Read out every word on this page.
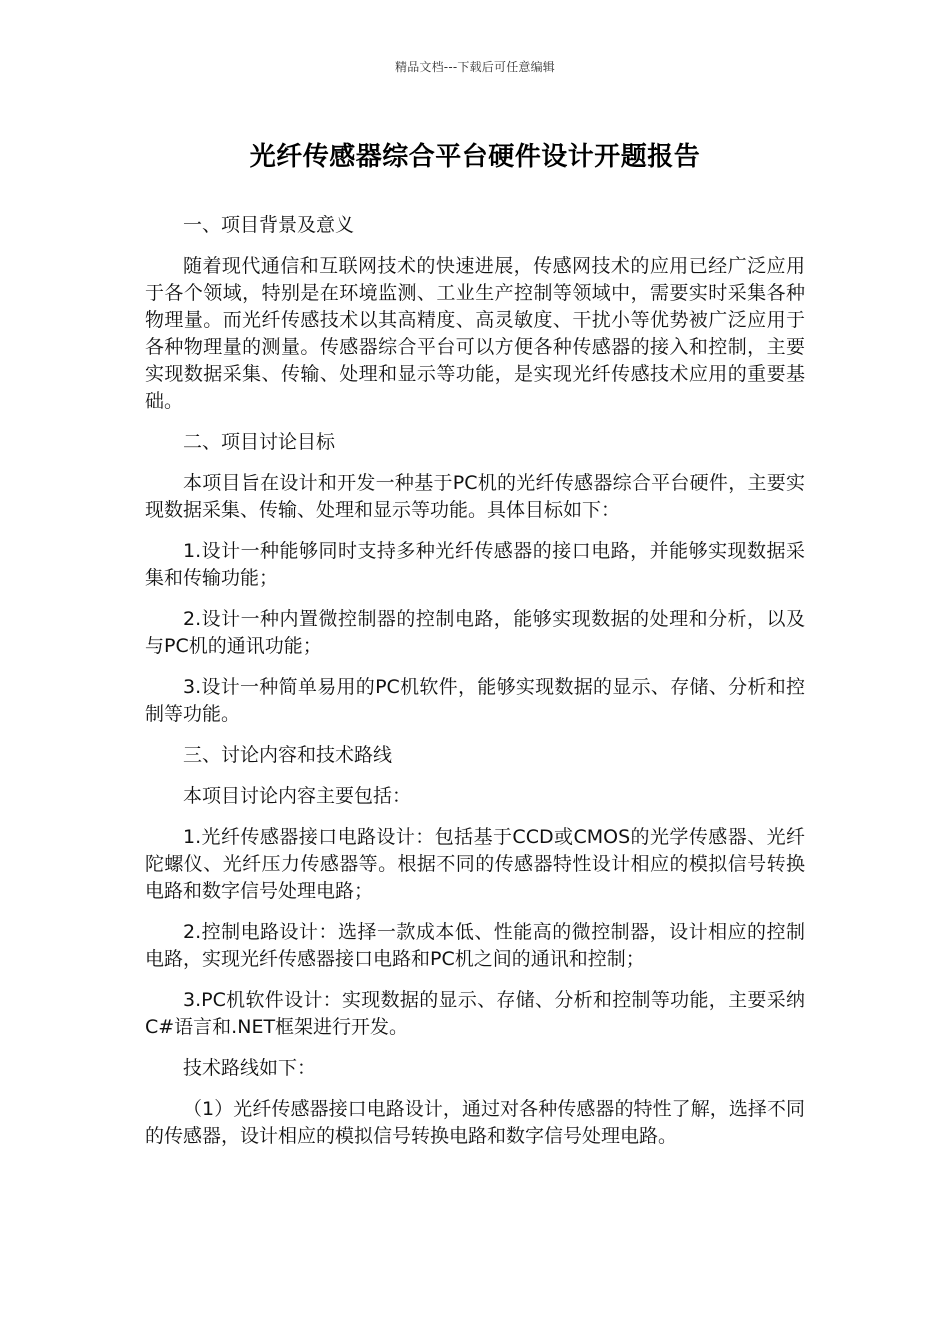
精品文档---下载后可任意编辑
光纤传感器综合平台硬件设计开题报告

一、项目背景及意义

随着现代通信和互联网技术的快速进展，传感网技术的应用已经广泛应用于各个领域，特别是在环境监测、工业生产控制等领域中，需要实时采集各种物理量。而光纤传感技术以其高精度、高灵敏度、干扰小等优势被广泛应用于各种物理量的测量。传感器综合平台可以方便各种传感器的接入和控制，主要实现数据采集、传输、处理和显示等功能，是实现光纤传感技术应用的重要基础。

二、项目讨论目标

本项目旨在设计和开发一种基于PC机的光纤传感器综合平台硬件，主要实现数据采集、传输、处理和显示等功能。具体目标如下：

1.设计一种能够同时支持多种光纤传感器的接口电路，并能够实现数据采集和传输功能；

2.设计一种内置微控制器的控制电路，能够实现数据的处理和分析，以及与PC机的通讯功能；

3.设计一种简单易用的PC机软件，能够实现数据的显示、存储、分析和控制等功能。

三、讨论内容和技术路线

本项目讨论内容主要包括：

1.光纤传感器接口电路设计：包括基于CCD或CMOS的光学传感器、光纤陀螺仪、光纤压力传感器等。根据不同的传感器特性设计相应的模拟信号转换电路和数字信号处理电路；

2.控制电路设计：选择一款成本低、性能高的微控制器，设计相应的控制电路，实现光纤传感器接口电路和PC机之间的通讯和控制；

3.PC机软件设计：实现数据的显示、存储、分析和控制等功能，主要采纳C#语言和.NET框架进行开发。

技术路线如下：

（1）光纤传感器接口电路设计，通过对各种传感器的特性了解，选择不同的传感器，设计相应的模拟信号转换电路和数字信号处理电路。
